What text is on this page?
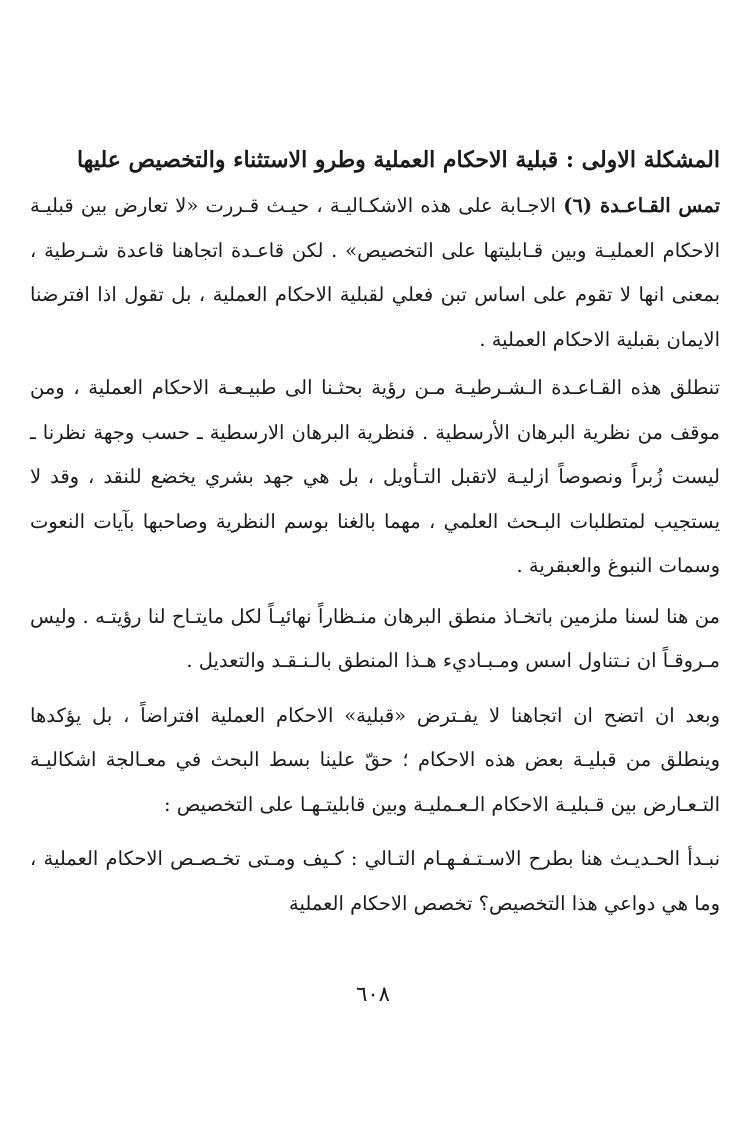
المشكلة الاولى : قبلية الاحكام العملية وطرو الاستثناء والتخصيص عليها

تمس القـاعـدة (٦) الاجـابة على هذه الاشكـاليـة ، حيـث قـررت «لا تعارض بين قبليـة الاحكام العمليـة وبين قـابليتها على التخصيص» . لكن قاعـدة اتجاهنا قاعدة شـرطية ، بمعنى انها لا تقوم على اساس تبن فعلي لقبلية الاحكام العملية ، بل تقول اذا افترضنا الايمان بقبلية الاحكام العملية .

تنطلق هذه القـاعـدة الـشـرطيـة مـن رؤية بحثـنا الى طبيـعـة الاحكام العملية ، ومن موقف من نظرية البرهان الأرسطية . فنظرية البرهان الارسطية ـ حسب وجهة نظرنا ـ ليست زُبراً ونصوصاً ازليـة لاتقبل التـأويل ، بل هي جهد بشري يخضع للنقد ، وقد لا يستجيب لمتطلبات البـحث العلمي ، مهما بالغنا بوسم النظرية وصاحبها بآيات النعوت وسمات النبوغ والعبقرية .

من هنا لسنا ملزمين باتخـاذ منطق البرهان منـظاراً نهائيـاً لكل مايتـاح لنا رؤيتـه . وليس مـروقـاً ان نـتناول اسس ومـبـاديء هـذا المنطق بالـنـقـد والتعديل .

وبعد ان اتضح ان اتجاهنا لا يفـترض «قبلية» الاحكام العملية افتراضاً ، بل يؤكدها وينطلق من قبليـة بعض هذه الاحكام ؛ حقّ علينا بسط البحث في معـالجة اشكاليـة التـعـارض بين قـبليـة الاحكام الـعـمليـة وبين قابليتـهـا على التخصيص :

نبـدأ الحـديـث هنا بطرح الاسـتـفـهـام التـالي : كـيف ومـتى تخـصـص الاحكام العملية ، وما هي دواعي هذا التخصيص؟ تخصص الاحكام العملية

٦٠٨
